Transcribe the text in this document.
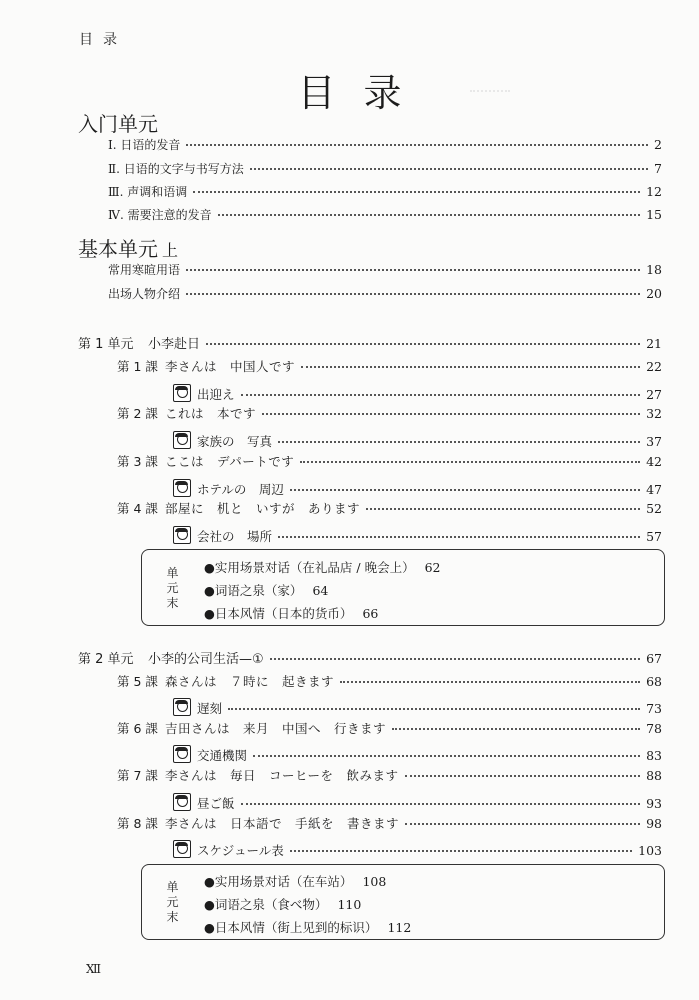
目录
目录
入门单元
Ⅰ. 日语的发音	2
Ⅱ. 日语的文字与书写方法	7
Ⅲ. 声调和语调	12
Ⅳ. 需要注意的发音	15
基本单元 上
常用寒暄用语	18
出场人物介绍	20
第 1 单元	小李赴日	21
第 1 課 李さんは　中国人です	22
出迎え	27
第 2 課 これは　本です	32
家族の　写真	37
第 3 課 ここは　デパートです	42
ホテルの　周辺	47
第 4 課 部屋に　机と　いすが　あります	52
会社の　場所	57
单
元
末
●实用场景对话（在礼品店 / 晚会上） 62
●词语之泉（家） 64
●日本风情（日本的货币） 66
第 2 单元	小李的公司生活—①	67
第 5 課 森さんは　７時に　起きます	68
遅刻	73
第 6 課 吉田さんは　来月　中国へ　行きます	78
交通機関	83
第 7 課 李さんは　毎日　コーヒーを　飲みます	88
昼ご飯	93
第 8 課 李さんは　日本語で　手紙を　書きます	98
スケジュール表	103
单
元
末
●实用场景对话（在车站） 108
●词语之泉（食べ物） 110
●日本风情（街上见到的标识） 112
Ⅻ
